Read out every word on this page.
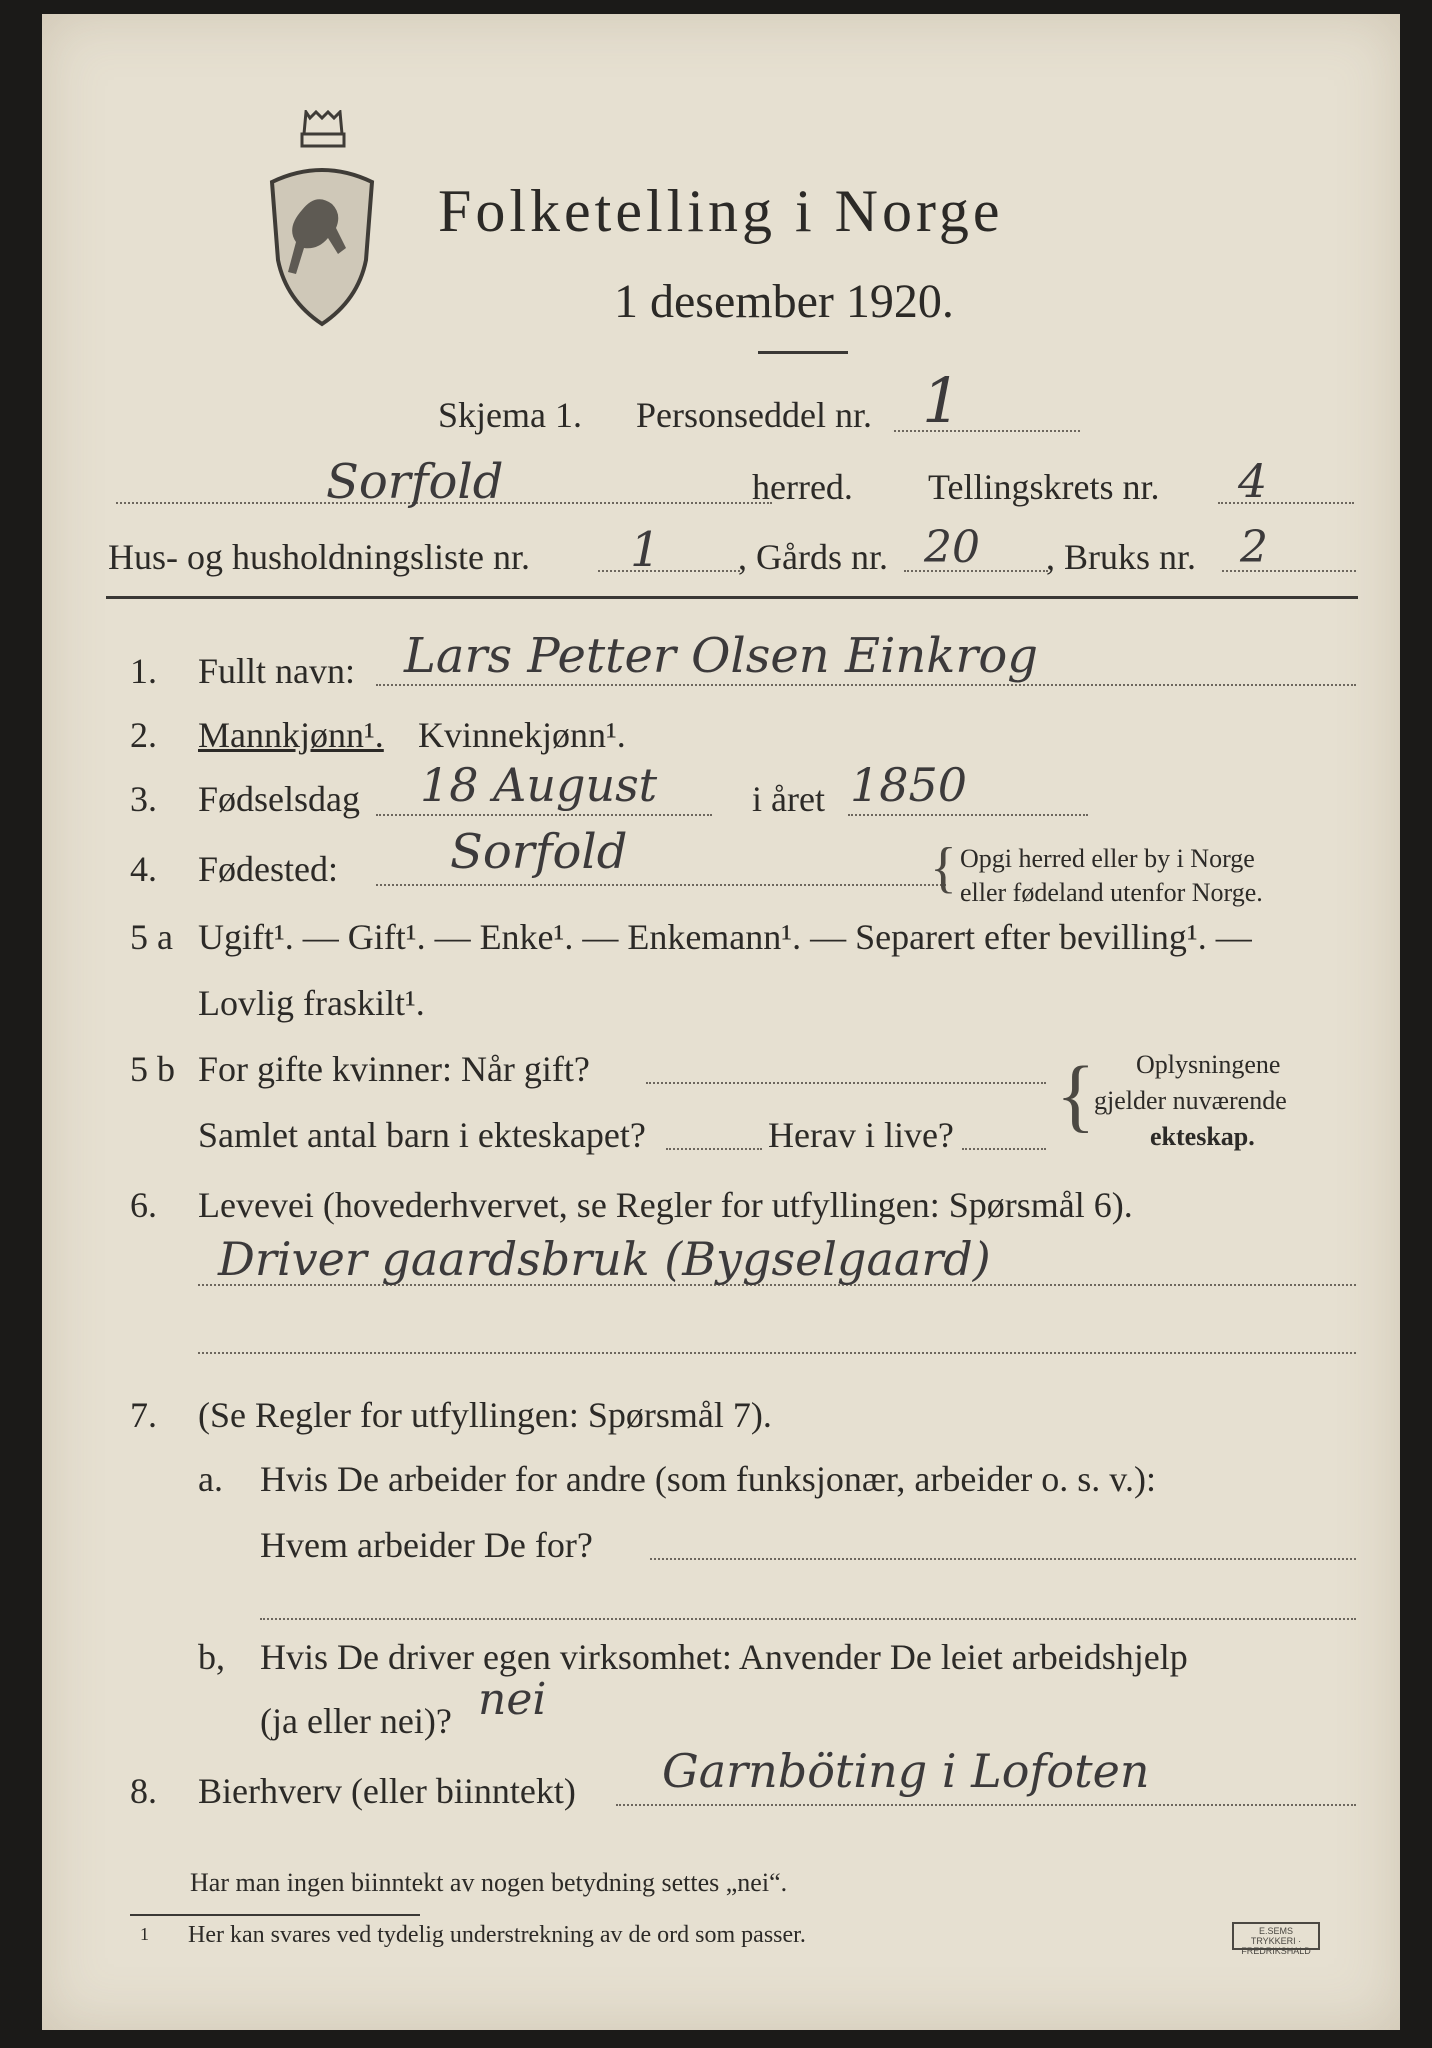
Folketelling i Norge
1 desember 1920.
Skjema 1. Personseddel nr. 1
Sorfold	herred. Tellingskrets nr. 4
Hus- og husholdningsliste nr. 1 , Gårds nr. 20 , Bruks nr. 2
1. Fullt navn: Lars Petter Olsen Einkrog
2. Mannkjønn¹. Kvinnekjønn¹.
3. Fødselsdag 18 August	i året 1850
4. Fødested: Sorfold	{ Opgi herred eller by i Norge
eller fødeland utenfor Norge.
5 a Ugift¹. — Gift¹. — Enke¹. — Enkemann¹. — Separert efter bevilling¹. —
Lovlig fraskilt¹.
5 b For gifte kvinner: Når gift?
Samlet antal barn i ekteskapet?	Herav i live? { Oplysningene
gjelder nuværende
ekteskap.
6. Levevei (hovederhvervet, se Regler for utfyllingen: Spørsmål 6).
Driver gaardsbruk (Bygselgaard)
7. (Se Regler for utfyllingen: Spørsmål 7).
a. Hvis De arbeider for andre (som funksjonær, arbeider o. s. v.):
Hvem arbeider De for?
b, Hvis De driver egen virksomhet: Anvender De leiet arbeidshjelp
(ja eller nei)? nei
8. Bierhverv (eller biinntekt) Garnböting i Lofoten
Har man ingen biinntekt av nogen betydning settes „nei“.
1 Her kan svares ved tydelig understrekning av de ord som passer.	E.SEMS TRYKKERI · FREDRIKSHALD
